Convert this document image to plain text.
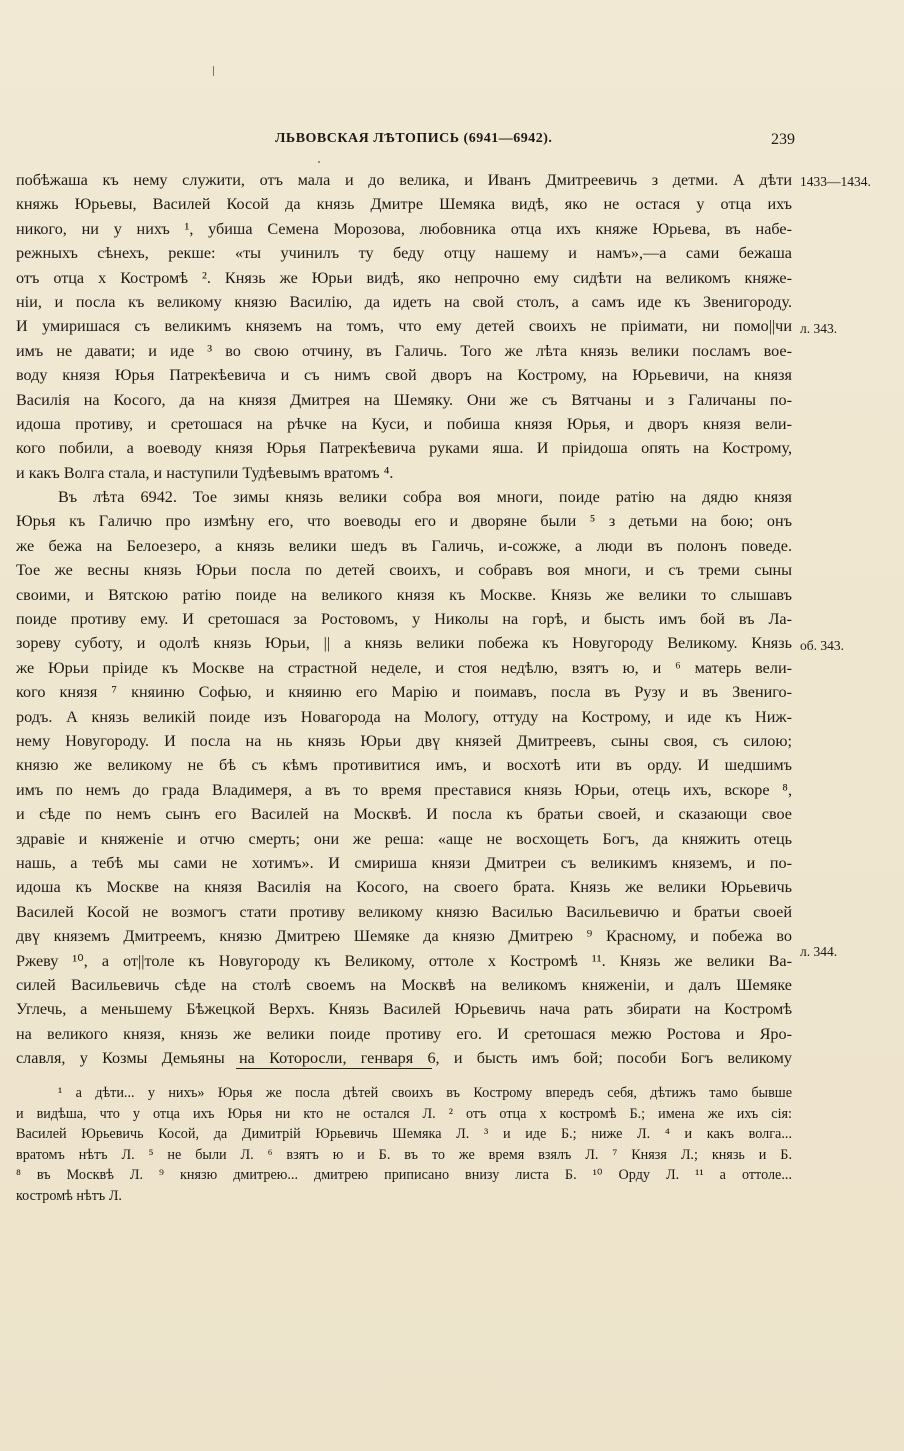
ЛЬВОВСКАЯ ЛѢТОПИСЬ (6941—6942).	239
побѣжаша къ нему служити, отъ мала и до велика, и Иванъ Дмитреевичь з детми. А дѣти
княжь Юрьевы, Василей Косой да князь Дмитре Шемяка видѣ, яко не остася у отца ихъ
никого, ни у нихъ ¹, убиша Семена Морозова, любовника отца ихъ княже Юрьева, въ набе-
режныхъ сѣнехъ, рекше: «ты учинилъ ту беду отцу нашему и намъ»,—а сами бежаша
отъ отца х Костромѣ ². Князь же Юрьи видѣ, яко непрочно ему сидѣти на великомъ княже-
ніи, и посла къ великому князю Василію, да идеть на свой столъ, а самъ иде къ Звенигороду.
И умиришася съ великимъ княземъ на томъ, что ему детей своихъ не пріимати, ни помо||чи
имъ не давати; и иде ³ во свою отчину, въ Галичь. Того же лѣта князь велики посламъ вое-
воду князя Юрья Патрекѣевича и съ нимъ свой дворъ на Кострому, на Юрьевичи, на князя
Василія на Косого, да на князя Дмитрея на Шемяку. Они же съ Вятчаны и з Галичаны по-
идоша противу, и сретошася на рѣчке на Куси, и побиша князя Юрья, и дворъ князя вели-
кого побили, а воеводу князя Юрья Патрекѣевича руками яша. И пріидоша опять на Кострому,
и какъ Волга стала, и наступили Тудѣевымъ вратомъ ⁴.
Въ лѣта 6942. Тое зимы князь велики собра воя многи, поиде ратію на дядю князя
Юрья къ Галичю про измѣну его, что воеводы его и дворяне были ⁵ з детьми на бою; онъ
же бежа на Белоезеро, а князь велики шедъ въ Галичь, и-сожже, а люди въ полонъ поведе.
Тое же весны князь Юрьи посла по детей своихъ, и собравъ воя многи, и съ треми сыны
своими, и Вятскою ратію поиде на великого князя къ Москве. Князь же велики то слышавъ
поиде противу ему. И сретошася за Ростовомъ, у Николы на горѣ, и бысть имъ бой въ Ла-
зореву суботу, и одолѣ князь Юрьи, || а князь велики побежа къ Новугороду Великому. Князь
же Юрьи пріиде къ Москве на страстной неделе, и стоя недѣлю, взятъ ю, и ⁶ матерь вели-
кого князя ⁷ княиню Софью, и княиню его Марію и поимавъ, посла въ Рузу и въ Звениго-
родъ. А князь великій поиде изъ Новагорода на Мологу, оттуду на Кострому, и иде къ Ниж-
нему Новугороду. И посла на нь князь Юрьи двү князей Дмитреевъ, сыны своя, съ силою;
князю же великому не бѣ съ кѣмъ противитися имъ, и восхотѣ ити въ орду. И шедшимъ
имъ по немъ до града Владимеря, а въ то время преставися князь Юрьи, отець ихъ, вскоре ⁸,
и сѣде по немъ сынъ его Василей на Москвѣ. И посла къ братьи своей, и сказающи свое
здравіе и княженіе и отчю смерть; они же реша: «аще не восхощеть Богъ, да княжить отець
нашь, а тебѣ мы сами не хотимъ». И смириша князи Дмитреи съ великимъ княземъ, и по-
идоша къ Москве на князя Василія на Косого, на своего брата. Князь же велики Юрьевичь
Василей Косой не возмогъ стати противу великому князю Василью Васильевичю и братьи своей
двү княземъ Дмитреемъ, князю Дмитрею Шемяке да князю Дмитрею ⁹ Красному, и побежа во
Ржеву ¹⁰, а от||толе къ Новугороду къ Великому, оттоле х Костромѣ ¹¹. Князь же велики Ва-
силей Васильевичь сѣде на столѣ своемъ на Москвѣ на великомъ княженіи, и далъ Шемяке
Углечь, а меньшему Бѣжецкой Верхъ. Князь Василей Юрьевичь нача рать збирати на Костромѣ
на великого князя, князь же велики поиде противу его. И сретошася межю Ростова и Яро-
славля, у Козмы Демьяны на Которосли, генваря 6, и бысть имъ бой; пособи Богъ великому
1433—1434.
л. 343.
об. 343.
л. 344.
¹ а дѣти... у нихъ» Юрья же посла дѣтей своихъ въ Кострому впередъ себя, дѣтижъ тамо бывше
и видѣша, что у отца ихъ Юрья ни кто не остался Л. ² отъ отца х костромѣ Б.; имена же ихъ сія:
Василей Юрьевичь Косой, да Димитрій Юрьевичь Шемяка Л. ³ и иде Б.; ниже Л. ⁴ и какъ волга...
вратомъ нѣтъ Л. ⁵ не были Л. ⁶ взятъ ю и Б. въ то же время взялъ Л. ⁷ Князя Л.; князь и Б.
⁸ въ Москвѣ Л. ⁹ князю дмитрею... дмитрею приписано внизу листа Б. ¹⁰ Орду Л. ¹¹ а оттоле...
костромѣ нѣтъ Л.
